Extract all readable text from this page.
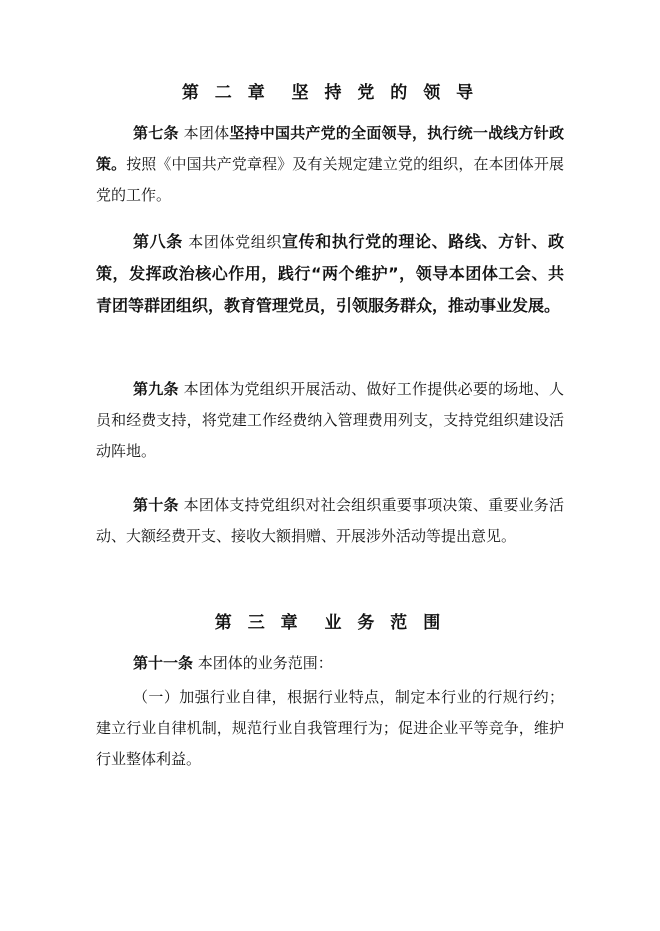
第 二 章  坚 持 党 的 领 导

第七条 本团体坚持中国共产党的全面领导，执行统一战线方针政策。按照《中国共产党章程》及有关规定建立党的组织，在本团体开展党的工作。

第八条 本团体党组织宣传和执行党的理论、路线、方针、政策，发挥政治核心作用，践行“两个维护”，领导本团体工会、共青团等群团组织，教育管理党员，引领服务群众，推动事业发展。

第九条 本团体为党组织开展活动、做好工作提供必要的场地、人员和经费支持，将党建工作经费纳入管理费用列支，支持党组织建设活动阵地。

第十条 本团体支持党组织对社会组织重要事项决策、重要业务活动、大额经费开支、接收大额捐赠、开展涉外活动等提出意见。

第 三 章  业 务 范 围

第十一条 本团体的业务范围：

（一）加强行业自律，根据行业特点，制定本行业的行规行约；建立行业自律机制，规范行业自我管理行为；促进企业平等竞争，维护行业整体利益。
